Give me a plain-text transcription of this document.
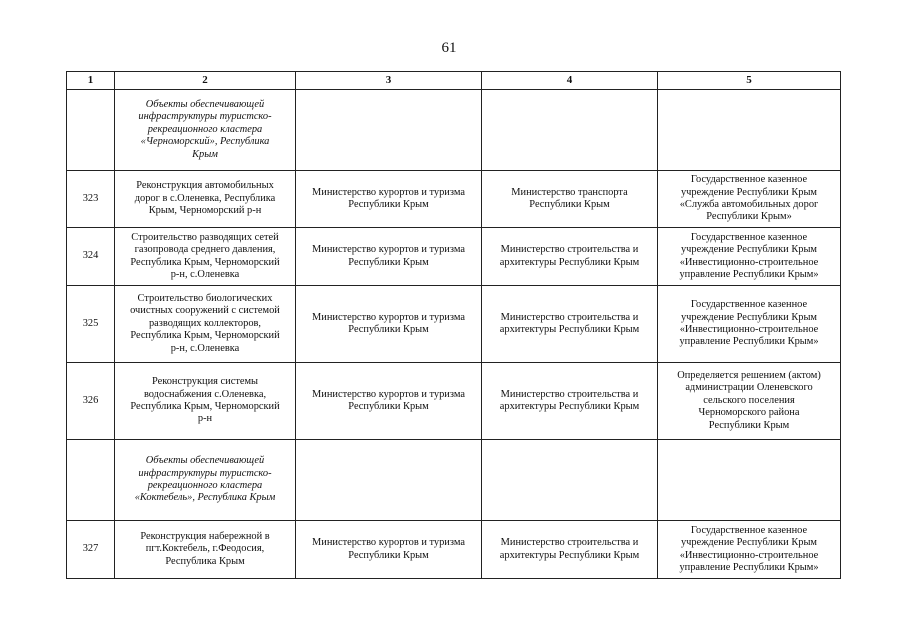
61
1	2	3	4	5
	Объекты обеспечивающей
инфраструктуры туристско-
рекреационного кластера
«Черноморский», Республика
Крым			
323	Реконструкция автомобильных
дорог в с.Оленевка, Республика
Крым, Черноморский р-н	Министерство курортов и туризма
Республики Крым	Министерство транспорта
Республики Крым	Государственное казенное
учреждение Республики Крым
«Служба автомобильных дорог
Республики Крым»
324	Строительство разводящих сетей
газопровода среднего давления,
Республика Крым, Черноморский
р-н, с.Оленевка	Министерство курортов и туризма
Республики Крым	Министерство строительства и
архитектуры Республики Крым	Государственное казенное
учреждение Республики Крым
«Инвестиционно-строительное
управление Республики Крым»
325	Строительство биологических
очистных сооружений с системой
разводящих коллекторов,
Республика Крым, Черноморский
р-н, с.Оленевка	Министерство курортов и туризма
Республики Крым	Министерство строительства и
архитектуры Республики Крым	Государственное казенное
учреждение Республики Крым
«Инвестиционно-строительное
управление Республики Крым»
326	Реконструкция системы
водоснабжения с.Оленевка,
Республика Крым, Черноморский
р-н	Министерство курортов и туризма
Республики Крым	Министерство строительства и
архитектуры Республики Крым	Определяется решением (актом)
администрации Оленевского
сельского поселения
Черноморского района
Республики Крым
	Объекты обеспечивающей
инфраструктуры туристско-
рекреационного кластера
«Коктебель», Республика Крым			
327	Реконструкция набережной в
пгт.Коктебель, г.Феодосия,
Республика Крым	Министерство курортов и туризма
Республики Крым	Министерство строительства и
архитектуры Республики Крым	Государственное казенное
учреждение Республики Крым
«Инвестиционно-строительное
управление Республики Крым»
